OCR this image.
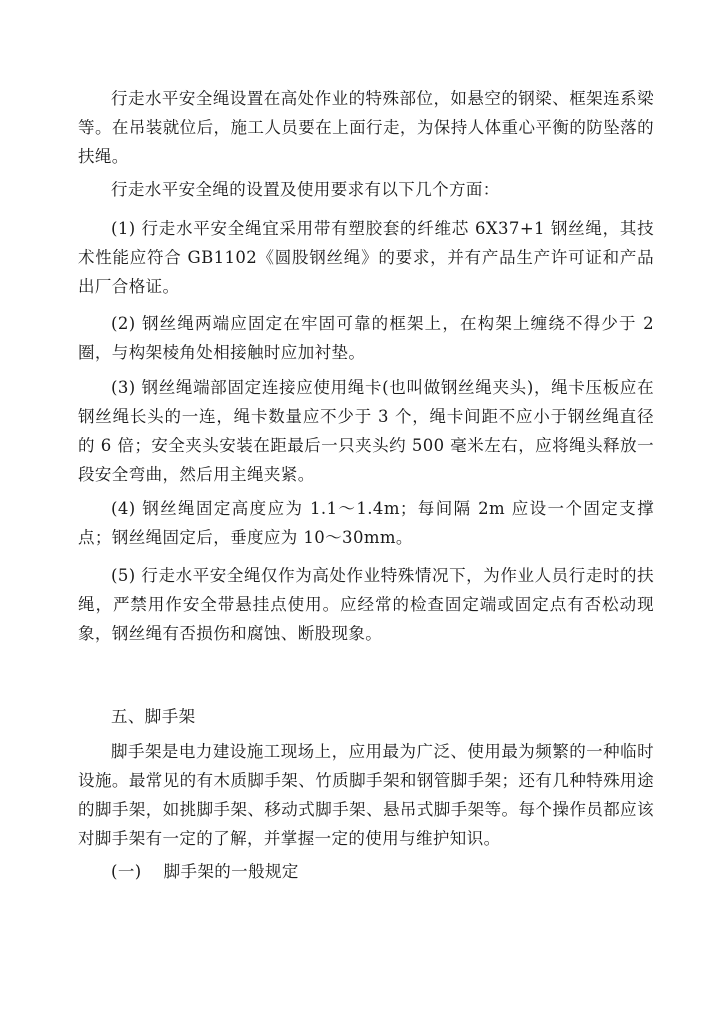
行走水平安全绳设置在高处作业的特殊部位，如悬空的钢梁、框架连系梁等。在吊装就位后，施工人员要在上面行走，为保持人体重心平衡的防坠落的扶绳。

行走水平安全绳的设置及使用要求有以下几个方面：

(1) 行走水平安全绳宜采用带有塑胶套的纤维芯 6X37+1 钢丝绳，其技术性能应符合 GB1102《圆股钢丝绳》的要求，并有产品生产许可证和产品出厂合格证。

(2) 钢丝绳两端应固定在牢固可靠的框架上，在构架上缠绕不得少于 2 圈，与构架棱角处相接触时应加衬垫。

(3) 钢丝绳端部固定连接应使用绳卡(也叫做钢丝绳夹头)，绳卡压板应在钢丝绳长头的一连，绳卡数量应不少于 3 个，绳卡间距不应小于钢丝绳直径的 6 倍；安全夹头安装在距最后一只夹头约 500 毫米左右，应将绳头释放一段安全弯曲，然后用主绳夹紧。

(4) 钢丝绳固定高度应为 1.1～1.4m；每间隔 2m 应设一个固定支撑点；钢丝绳固定后，垂度应为 10～30mm。

(5) 行走水平安全绳仅作为高处作业特殊情况下，为作业人员行走时的扶绳，严禁用作安全带悬挂点使用。应经常的检查固定端或固定点有否松动现象，钢丝绳有否损伤和腐蚀、断股现象。

五、脚手架

脚手架是电力建设施工现场上，应用最为广泛、使用最为频繁的一种临时设施。最常见的有木质脚手架、竹质脚手架和钢管脚手架；还有几种特殊用途的脚手架，如挑脚手架、移动式脚手架、悬吊式脚手架等。每个操作员都应该对脚手架有一定的了解，并掌握一定的使用与维护知识。

(一) 脚手架的一般规定
